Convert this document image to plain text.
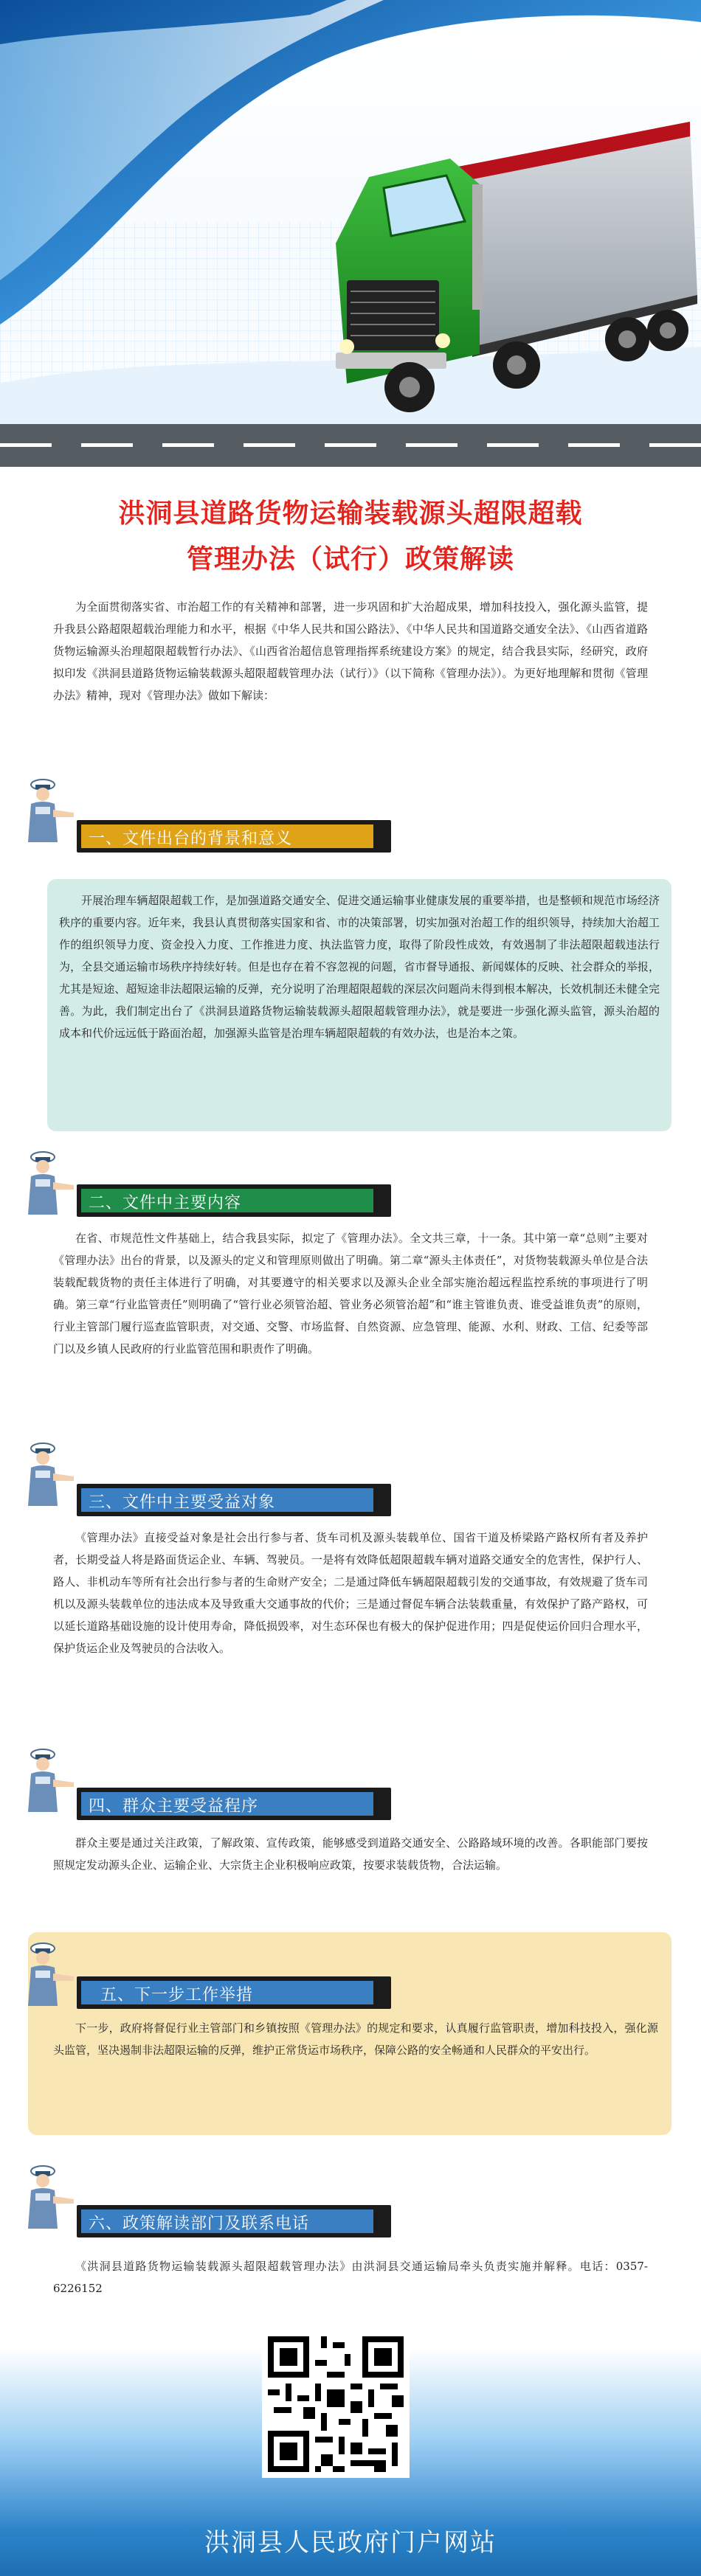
洪洞县道路货物运输装载源头超限超载
管理办法（试行）政策解读
为全面贯彻落实省、市治超工作的有关精神和部署，进一步巩固和扩大治超成果，增加科技投入，强化源头监管，提升我县公路超限超载治理能力和水平，根据《中华人民共和国公路法》、《中华人民共和国道路交通安全法》、《山西省道路货物运输源头治理超限超载暂行办法》、《山西省治超信息管理指挥系统建设方案》的规定，结合我县实际，经研究，政府拟印发《洪洞县道路货物运输装载源头超限超载管理办法（试行）》（以下简称《管理办法》）。为更好地理解和贯彻《管理办法》精神，现对《管理办法》做如下解读：
一、文件出台的背景和意义
开展治理车辆超限超载工作，是加强道路交通安全、促进交通运输事业健康发展的重要举措，也是整顿和规范市场经济秩序的重要内容。近年来，我县认真贯彻落实国家和省、市的决策部署，切实加强对治超工作的组织领导，持续加大治超工作的组织领导力度、资金投入力度、工作推进力度、执法监管力度，取得了阶段性成效，有效遏制了非法超限超载违法行为，全县交通运输市场秩序持续好转。但是也存在着不容忽视的问题，省市督导通报、新闻媒体的反映、社会群众的举报，尤其是短途、超短途非法超限运输的反弹，充分说明了治理超限超载的深层次问题尚未得到根本解决，长效机制还未健全完善。为此，我们制定出台了《洪洞县道路货物运输装载源头超限超载管理办法》，就是要进一步强化源头监管，源头治超的成本和代价远远低于路面治超，加强源头监管是治理车辆超限超载的有效办法，也是治本之策。
二、文件中主要内容
在省、市规范性文件基础上，结合我县实际，拟定了《管理办法》。全文共三章，十一条。其中第一章“总则”主要对《管理办法》出台的背景，以及源头的定义和管理原则做出了明确。第二章“源头主体责任”，对货物装载源头单位是合法装载配载货物的责任主体进行了明确，对其要遵守的相关要求以及源头企业全部实施治超远程监控系统的事项进行了明确。第三章“行业监管责任”则明确了“管行业必须管治超、管业务必须管治超”和“谁主管谁负责、谁受益谁负责”的原则，行业主管部门履行巡查监管职责，对交通、交警、市场监督、自然资源、应急管理、能源、水利、财政、工信、纪委等部门以及乡镇人民政府的行业监管范围和职责作了明确。
三、文件中主要受益对象
《管理办法》直接受益对象是社会出行参与者、货车司机及源头装载单位、国省干道及桥梁路产路权所有者及养护者，长期受益人将是路面货运企业、车辆、驾驶员。一是将有效降低超限超载车辆对道路交通安全的危害性，保护行人、路人、非机动车等所有社会出行参与者的生命财产安全；二是通过降低车辆超限超载引发的交通事故，有效规避了货车司机以及源头装载单位的违法成本及导致重大交通事故的代价；三是通过督促车辆合法装载重量，有效保护了路产路权，可以延长道路基础设施的设计使用寿命，降低损毁率，对生态环保也有极大的保护促进作用；四是促使运价回归合理水平，保护货运企业及驾驶员的合法收入。
四、群众主要受益程序
群众主要是通过关注政策，了解政策、宣传政策，能够感受到道路交通安全、公路路域环境的改善。各职能部门要按照规定发动源头企业、运输企业、大宗货主企业积极响应政策，按要求装载货物，合法运输。
五、下一步工作举措
下一步，政府将督促行业主管部门和乡镇按照《管理办法》的规定和要求，认真履行监管职责，增加科技投入，强化源头监管，坚决遏制非法超限运输的反弹，维护正常货运市场秩序，保障公路的安全畅通和人民群众的平安出行。
六、政策解读部门及联系电话
《洪洞县道路货物运输装载源头超限超载管理办法》由洪洞县交通运输局牵头负责实施并解释。电话：0357-6226152
洪洞县人民政府门户网站
